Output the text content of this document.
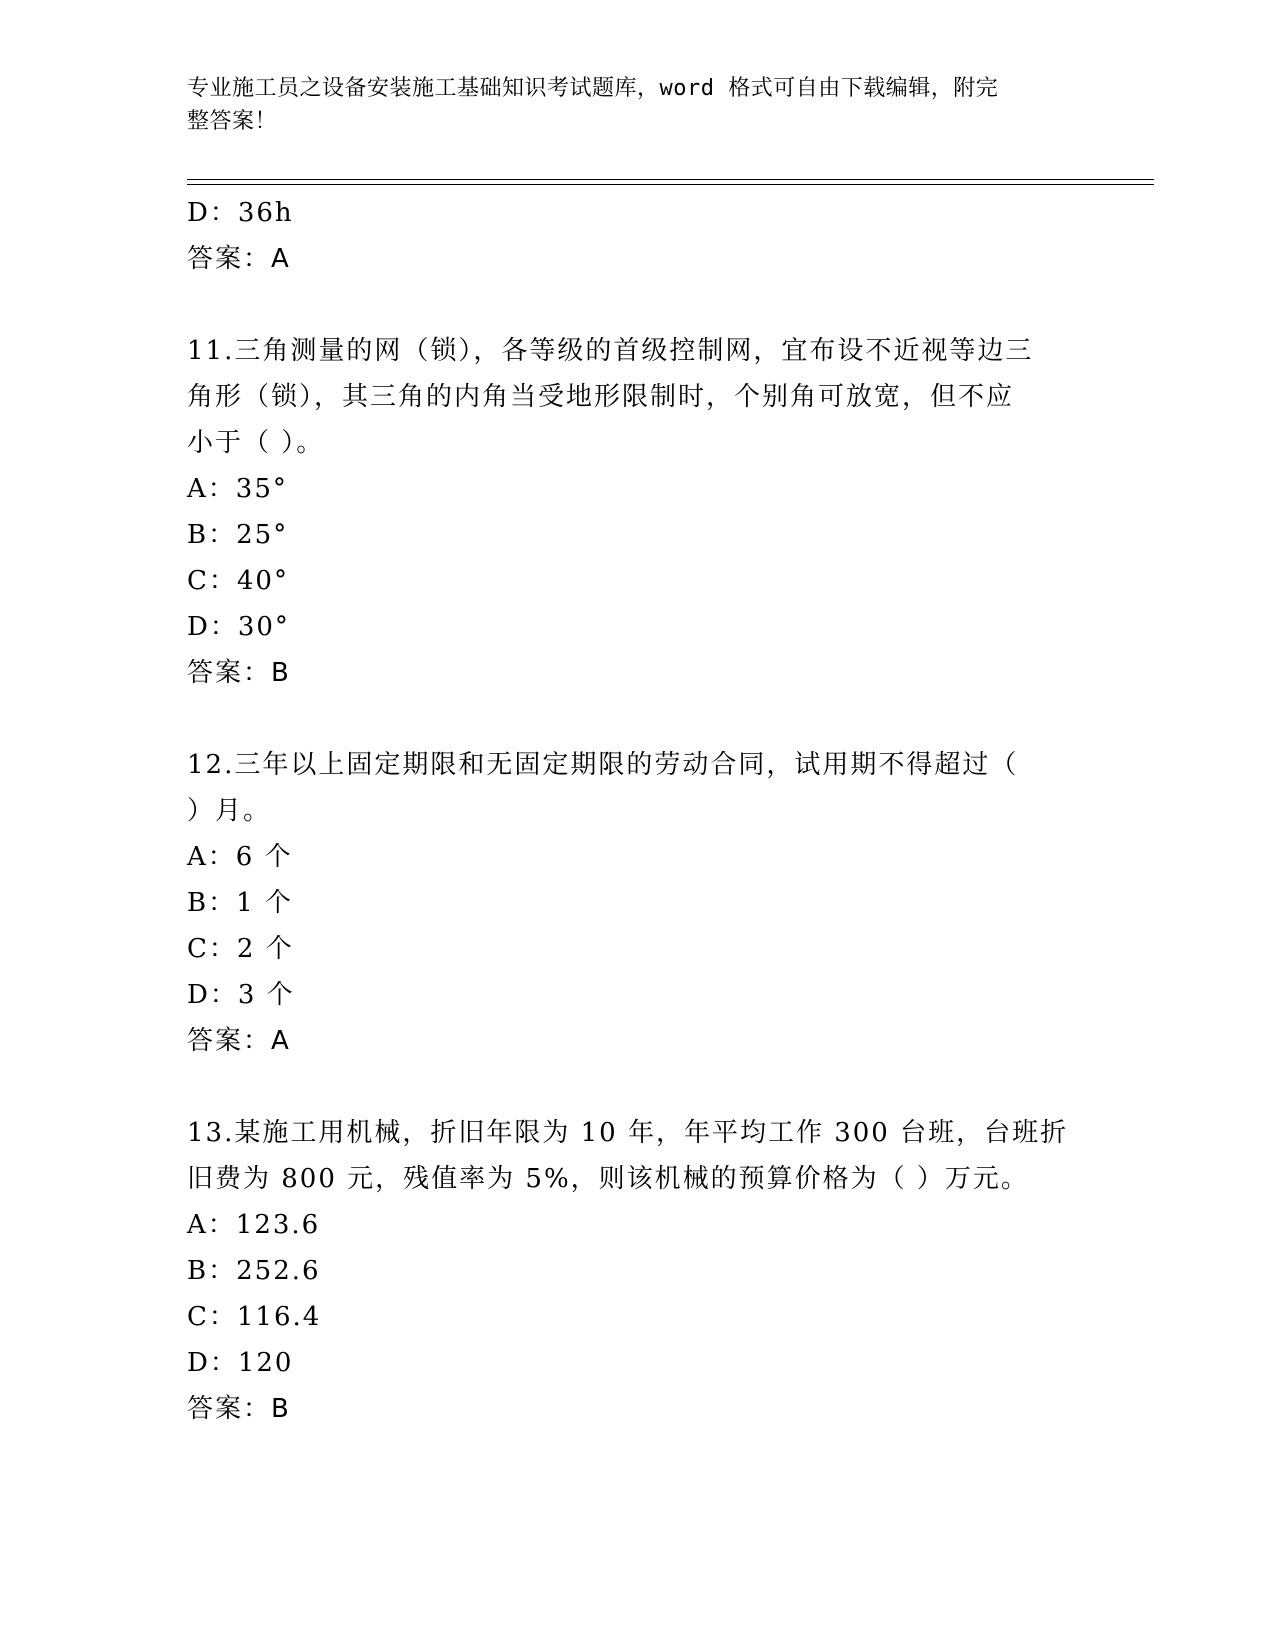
专业施工员之设备安装施工基础知识考试题库，word 格式可自由下载编辑，附完
整答案！
D：36h
答案：A
11.三角测量的网（锁），各等级的首级控制网，宜布设不近视等边三
角形（锁），其三角的内角当受地形限制时，个别角可放宽，但不应
小于（ ）。
A：35°
B：25°
C：40°
D：30°
答案：B
12.三年以上固定期限和无固定期限的劳动合同，试用期不得超过（
）月。
A：6 个
B：1 个
C：2 个
D：3 个
答案：A
13.某施工用机械，折旧年限为 10 年，年平均工作 300 台班，台班折
旧费为 800 元，残值率为 5%，则该机械的预算价格为（ ）万元。
A：123.6
B：252.6
C：116.4
D：120
答案：B
